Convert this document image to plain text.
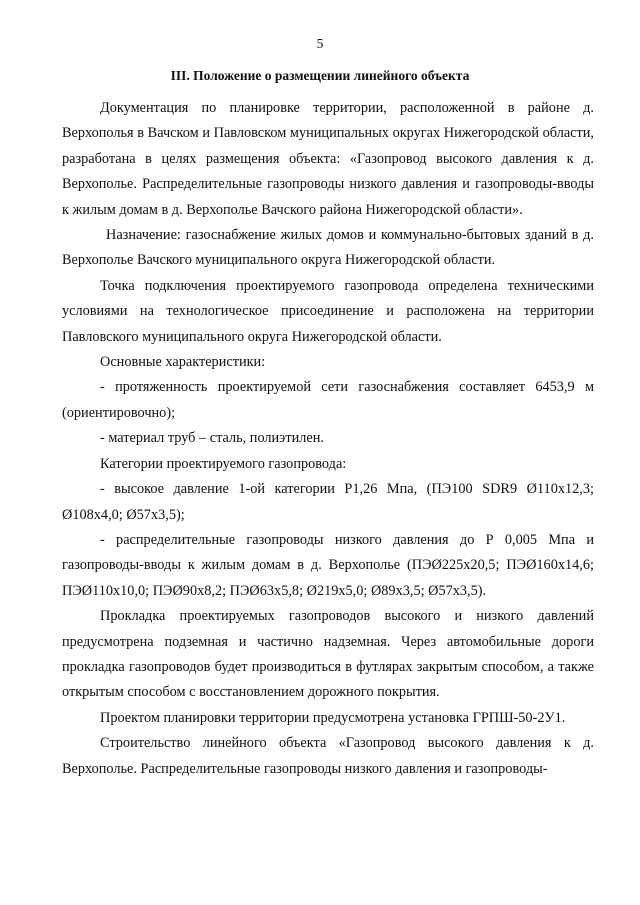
5

III. Положение о размещении линейного объекта

Документация по планировке территории, расположенной в районе д. Верхополья в Вачском и Павловском муниципальных округах Нижегородской области, разработана в целях размещения объекта: «Газопровод высокого давления к д. Верхополье. Распределительные газопроводы низкого давления и газопроводы-вводы к жилым домам в д. Верхополье Вачского района Нижегородской области».

Назначение: газоснабжение жилых домов и коммунально-бытовых зданий в д. Верхополье Вачского муниципального округа Нижегородской области.

Точка подключения проектируемого газопровода определена техническими условиями на технологическое присоединение и расположена на территории Павловского муниципального округа Нижегородской области.

Основные характеристики:

- протяженность проектируемой сети газоснабжения составляет 6453,9 м (ориентировочно);

- материал труб – сталь, полиэтилен.

Категории проектируемого газопровода:

- высокое давление 1-ой категории Р1,26 Мпа, (ПЭ100 SDR9 Ø110х12,3; Ø108х4,0; Ø57х3,5);

- распределительные газопроводы низкого давления до Р 0,005 Мпа и газопроводы-вводы к жилым домам в д. Верхополье (ПЭØ225х20,5; ПЭØ160х14,6; ПЭØ110х10,0; ПЭØ90х8,2; ПЭØ63х5,8; Ø219х5,0; Ø89х3,5; Ø57х3,5).

Прокладка проектируемых газопроводов высокого и низкого давлений предусмотрена подземная и частично надземная. Через автомобильные дороги прокладка газопроводов будет производиться в футлярах закрытым способом, а также открытым способом с восстановлением дорожного покрытия.

Проектом планировки территории предусмотрена установка ГРПШ-50-2У1.

Строительство линейного объекта «Газопровод высокого давления к д. Верхополье. Распределительные газопроводы низкого давления и газопроводы-
